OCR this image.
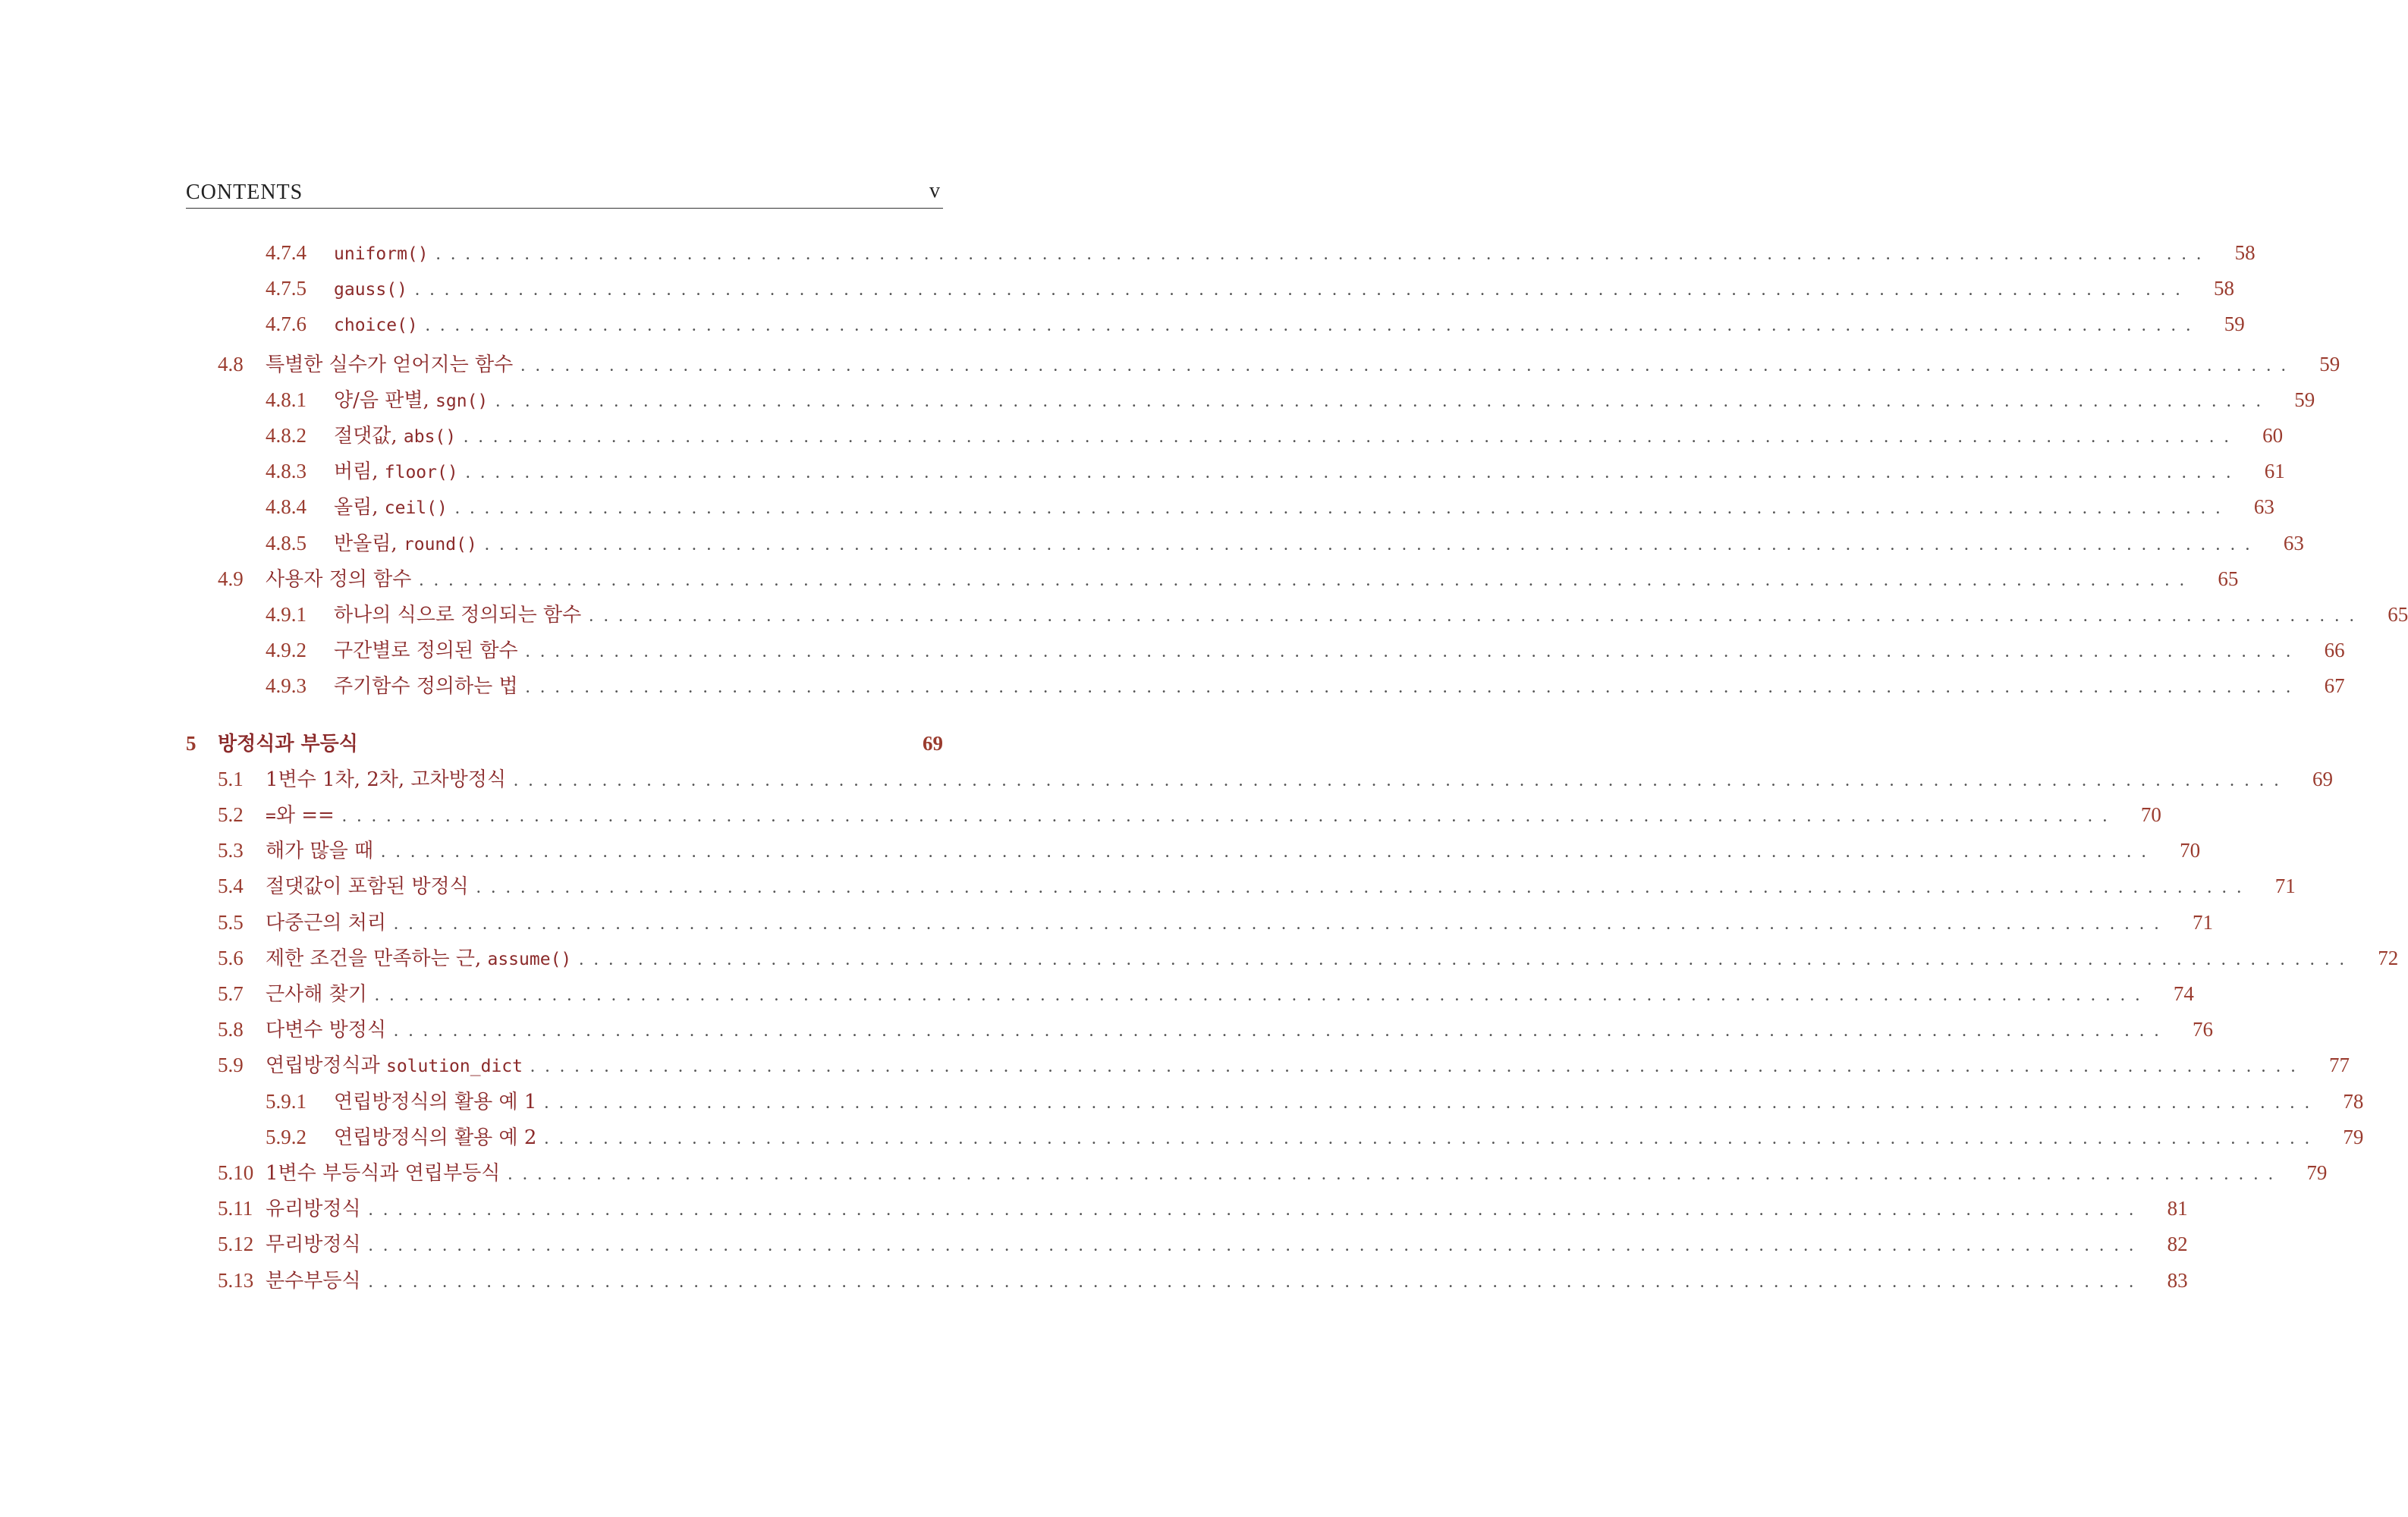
CONTENTS	v
4.7.4	uniform() ........................................................................................................................	58
4.7.5	gauss() ........................................................................................................................	58
4.7.6	choice() ........................................................................................................................	59
4.8	특별한 실수가 얻어지는 함수 ........................................................................................................................	59
4.8.1	양/음 판별, sgn() ........................................................................................................................	59
4.8.2	절댓값, abs() ........................................................................................................................	60
4.8.3	버림, floor() ........................................................................................................................	61
4.8.4	올림, ceil() ........................................................................................................................	63
4.8.5	반올림, round() ........................................................................................................................	63
4.9	사용자 정의 함수 ........................................................................................................................	65
4.9.1	하나의 식으로 정의되는 함수 ........................................................................................................................	65
4.9.2	구간별로 정의된 함수 ........................................................................................................................	66
4.9.3	주기함수 정의하는 법 ........................................................................................................................	67
5	방정식과 부등식	69
5.1	1변수 1차, 2차, 고차방정식 ........................................................................................................................	69
5.2	=와 == ........................................................................................................................	70
5.3	해가 많을 때 ........................................................................................................................	70
5.4	절댓값이 포함된 방정식 ........................................................................................................................	71
5.5	다중근의 처리 ........................................................................................................................	71
5.6	제한 조건을 만족하는 근, assume() ........................................................................................................................	72
5.7	근사해 찾기 ........................................................................................................................	74
5.8	다변수 방정식 ........................................................................................................................	76
5.9	연립방정식과 solution_dict ........................................................................................................................	77
5.9.1	연립방정식의 활용 예 1 ........................................................................................................................	78
5.9.2	연립방정식의 활용 예 2 ........................................................................................................................	79
5.10 1변수 부등식과 연립부등식 ........................................................................................................................	79
5.11 유리방정식 ........................................................................................................................	81
5.12 무리방정식 ........................................................................................................................	82
5.13 분수부등식 ........................................................................................................................	83
